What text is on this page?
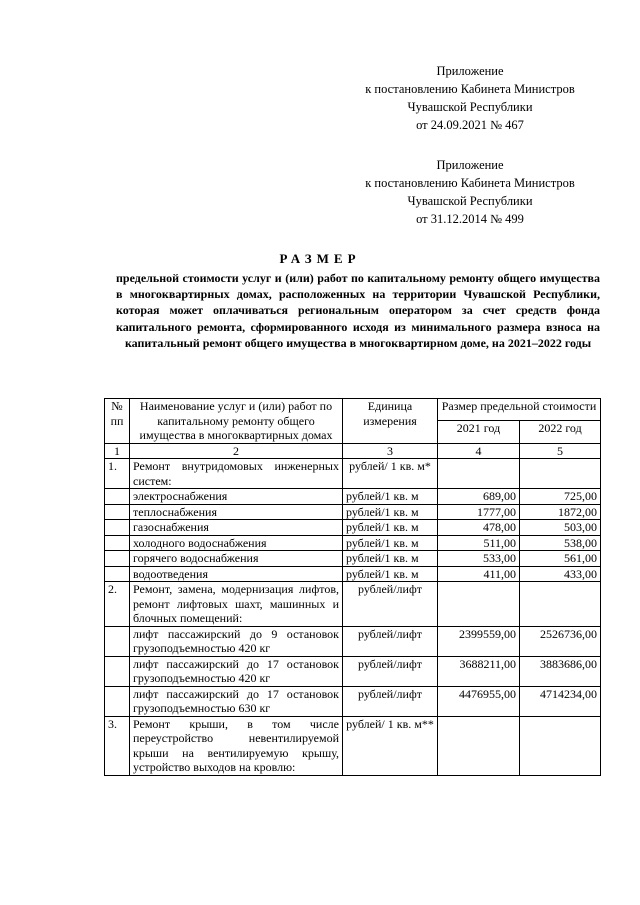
Приложение
к постановлению Кабинета Министров
Чувашской Республики
от 24.09.2021 № 467
Приложение
к постановлению Кабинета Министров
Чувашской Республики
от 31.12.2014 № 499
РАЗМЕР
предельной стоимости услуг и (или) работ по капитальному ремонту общего имущества в многоквартирных домах, расположенных на территории Чувашской Республики, которая может оплачиваться региональным оператором за счет средств фонда капитального ремонта, сформированного исходя из минимального размера взноса на капитальный ремонт общего имущества в многоквартирном доме, на 2021–2022 годы
№ пп	Наименование услуг и (или) работ по капитальному ремонту общего имущества в многоквартирных домах	Единица измерения	Размер предельной стоимости	
			2021 год	2022 год
1	2	3	4	5
1.	Ремонт внутридомовых инженерных систем:	рублей/ 1 кв. м*		
	электроснабжения	рублей/1 кв. м	689,00	725,00
	теплоснабжения	рублей/1 кв. м	1777,00	1872,00
	газоснабжения	рублей/1 кв. м	478,00	503,00
	холодного водоснабжения	рублей/1 кв. м	511,00	538,00
	горячего водоснабжения	рублей/1 кв. м	533,00	561,00
	водоотведения	рублей/1 кв. м	411,00	433,00
2.	Ремонт, замена, модернизация лифтов, ремонт лифтовых шахт, машинных и блочных помещений:	рублей/лифт		
	лифт пассажирский до 9 остановок грузоподъемностью 420 кг	рублей/лифт	2399559,00	2526736,00
	лифт пассажирский до 17 остановок грузоподъемностью 420 кг	рублей/лифт	3688211,00	3883686,00
	лифт пассажирский до 17 остановок грузоподъемностью 630 кг	рублей/лифт	4476955,00	4714234,00
3.	Ремонт крыши, в том числе переустройство невентилируемой крыши на вентилируемую крышу, устройство выходов на кровлю:	рублей/ 1 кв. м**		
